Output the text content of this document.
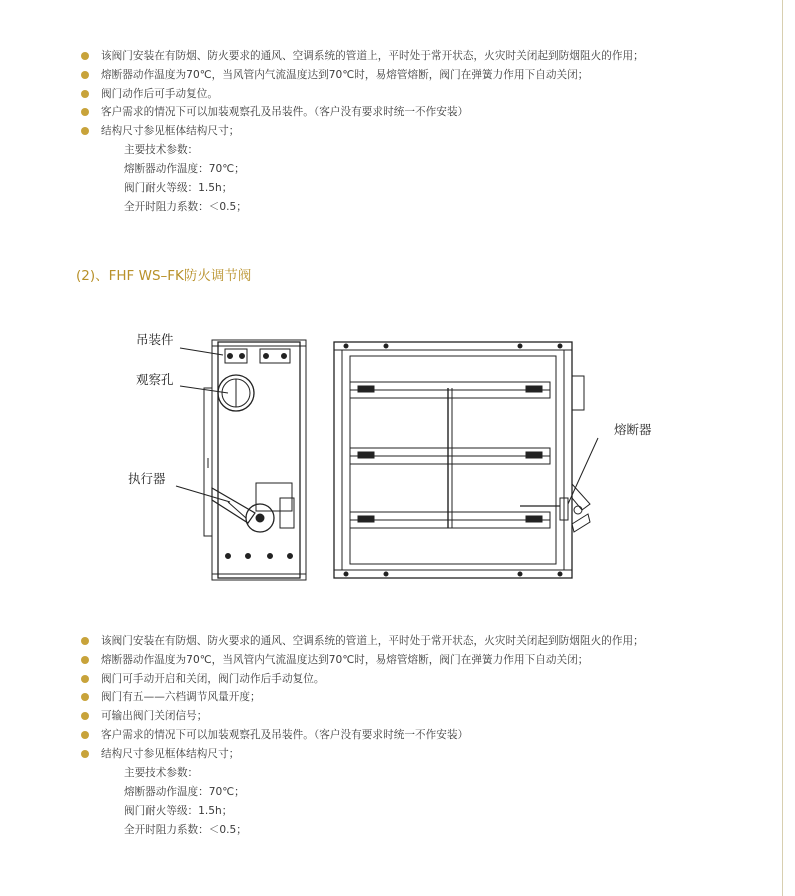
该阀门安装在有防烟、防火要求的通风、空调系统的管道上，平时处于常开状态，火灾时关闭起到防烟阻火的作用；
熔断器动作温度为70℃，当风管内气流温度达到70℃时，易熔管熔断，阀门在弹簧力作用下自动关闭；
阀门动作后可手动复位。
客户需求的情况下可以加装观察孔及吊装件。（客户没有要求时统一不作安装）
结构尺寸参见框体结构尺寸；
主要技术参数：
熔断器动作温度：70℃；
阀门耐火等级：1.5h；
全开时阻力系数：＜0.5；
(2)、FHF WS–FK防火调节阀
吊装件
观察孔
执行器
熔断器
该阀门安装在有防烟、防火要求的通风、空调系统的管道上，平时处于常开状态，火灾时关闭起到防烟阻火的作用；
熔断器动作温度为70℃，当风管内气流温度达到70℃时，易熔管熔断，阀门在弹簧力作用下自动关闭；
阀门可手动开启和关闭，阀门动作后手动复位。
阀门有五——六档调节风量开度；
可输出阀门关闭信号；
客户需求的情况下可以加装观察孔及吊装件。（客户没有要求时统一不作安装）
结构尺寸参见框体结构尺寸；
主要技术参数：
熔断器动作温度：70℃；
阀门耐火等级：1.5h；
全开时阻力系数：＜0.5；
